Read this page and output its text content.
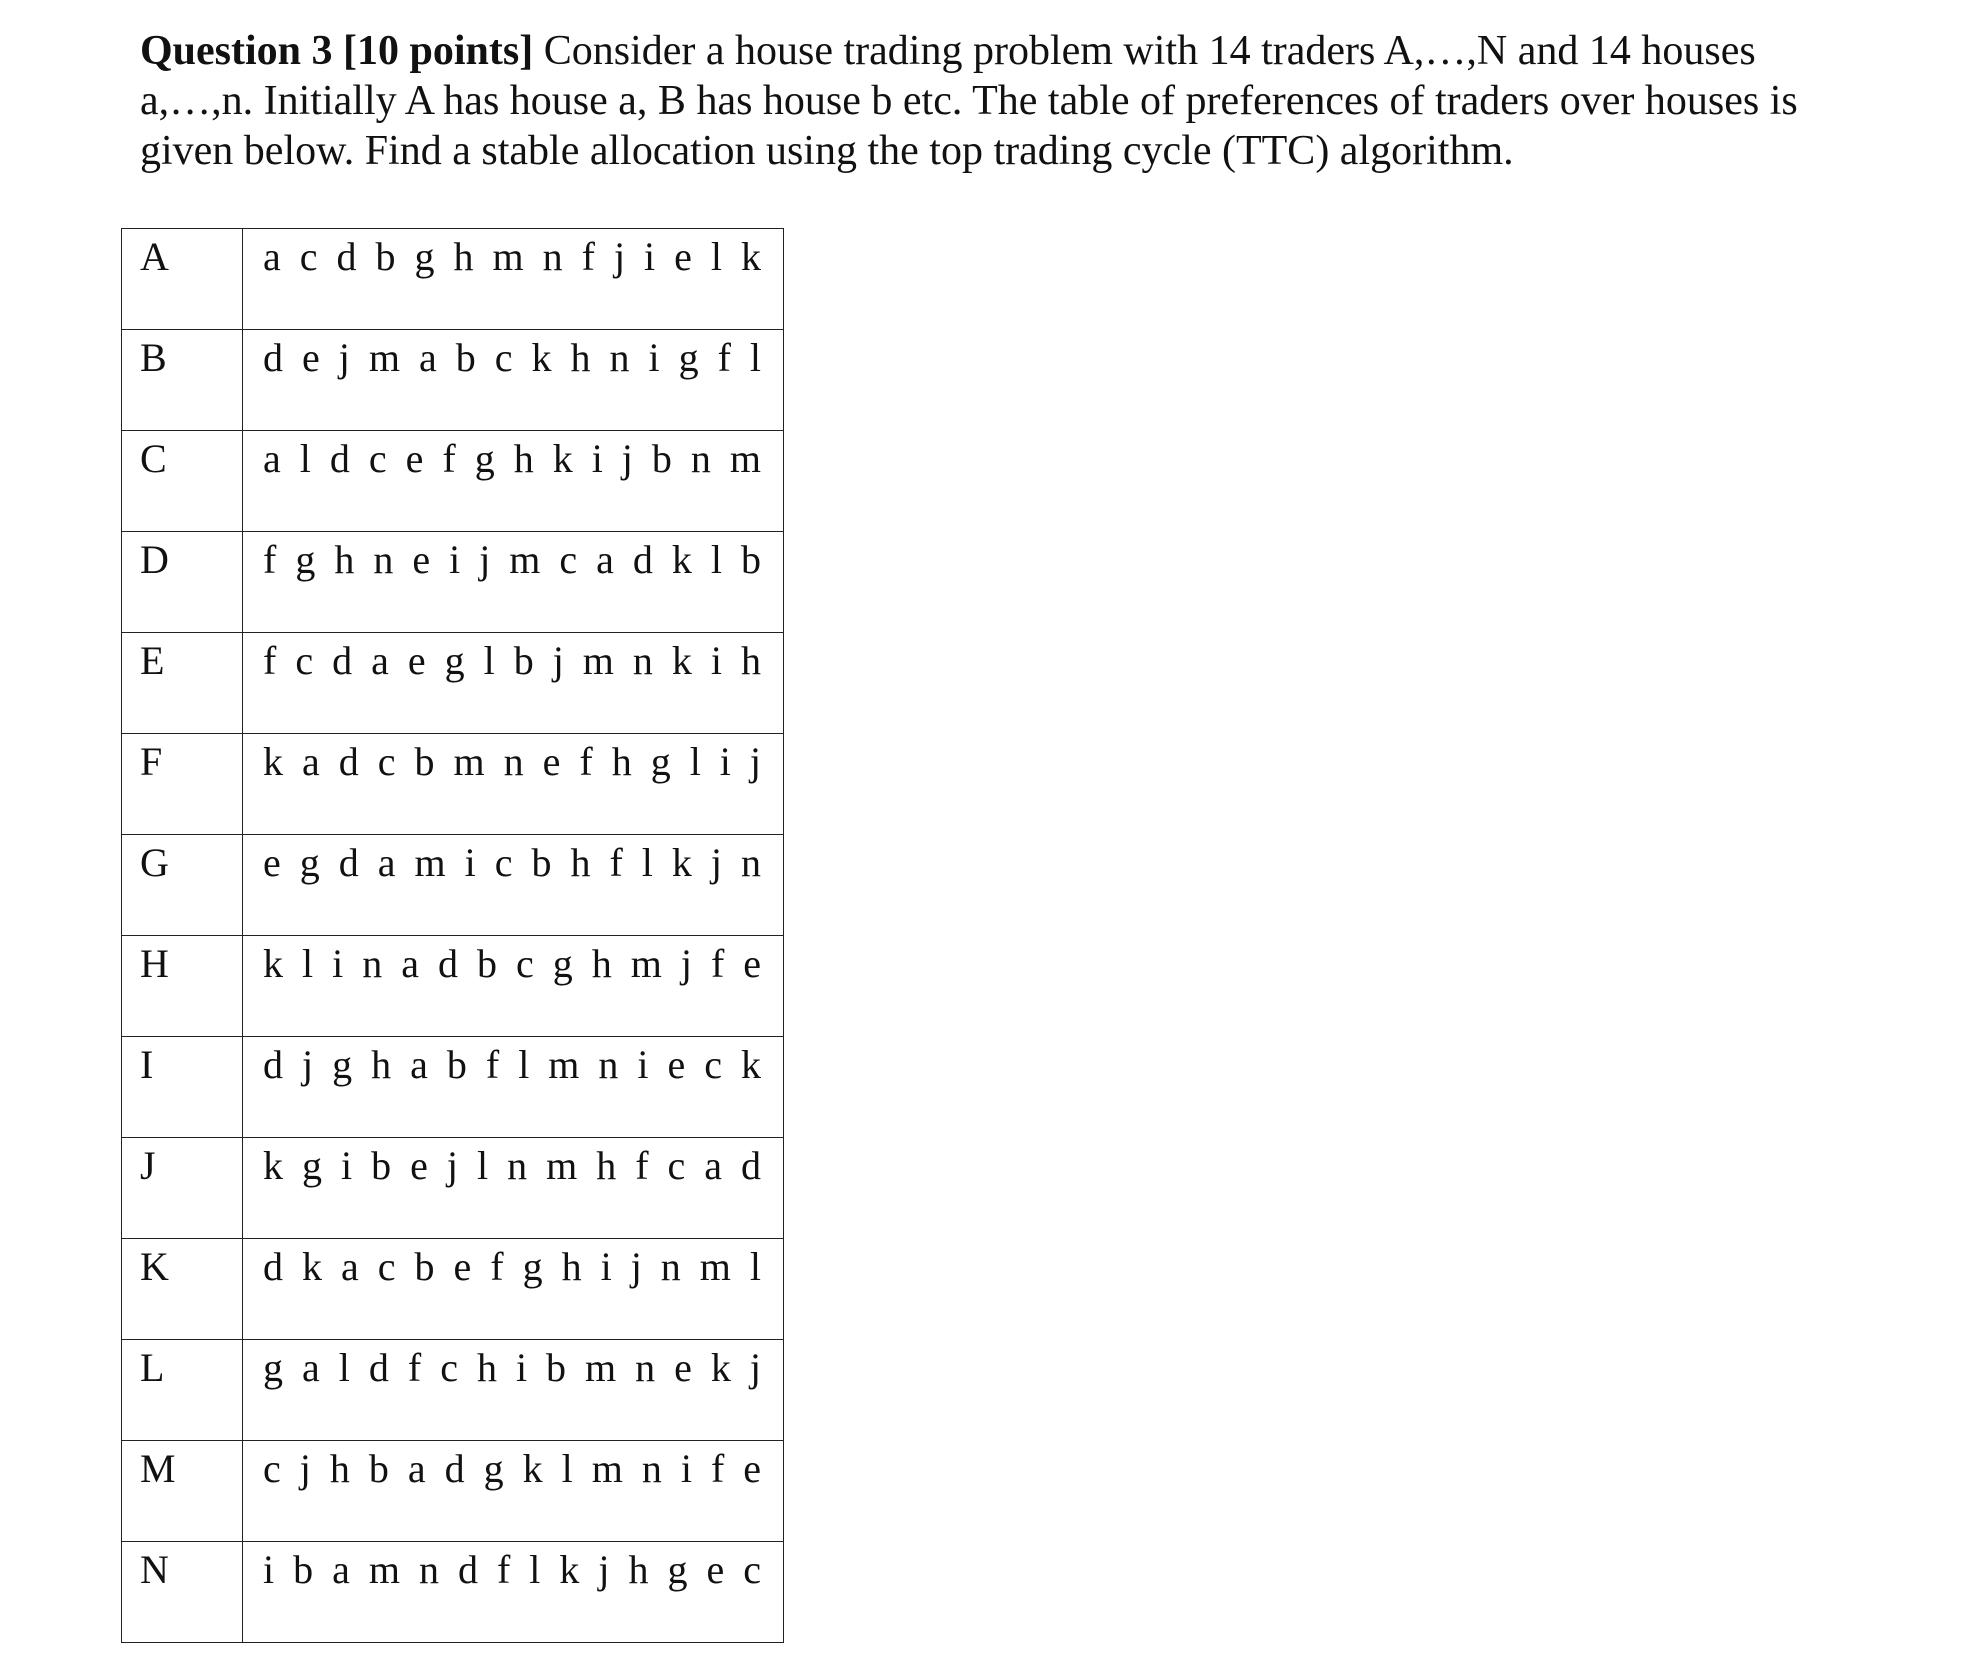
Question 3 [10 points] Consider a house trading problem with 14 traders A,…,N and 14 houses a,…,n. Initially A has house a, B has house b etc. The table of preferences of traders over houses is given below. Find a stable allocation using the top trading cycle (TTC) algorithm.

A	a c d b g h m n f j i e l k
B	d e j m a b c k h n i g f l
C	a l d c e f g h k i j b n m
D	f g h n e i j m c a d k l b
E	f c d a e g l b j m n k i h
F	k a d c b m n e f h g l i j
G	e g d a m i c b h f l k j n
H	k l i n a d b c g h m j f e
I	d j g h a b f l m n i e c k
J	k g i b e j l n m h f c a d
K	d k a c b e f g h i j n m l
L	g a l d f c h i b m n e k j
M	c j h b a d g k l m n i f e
N	i b a m n d f l k j h g e c
